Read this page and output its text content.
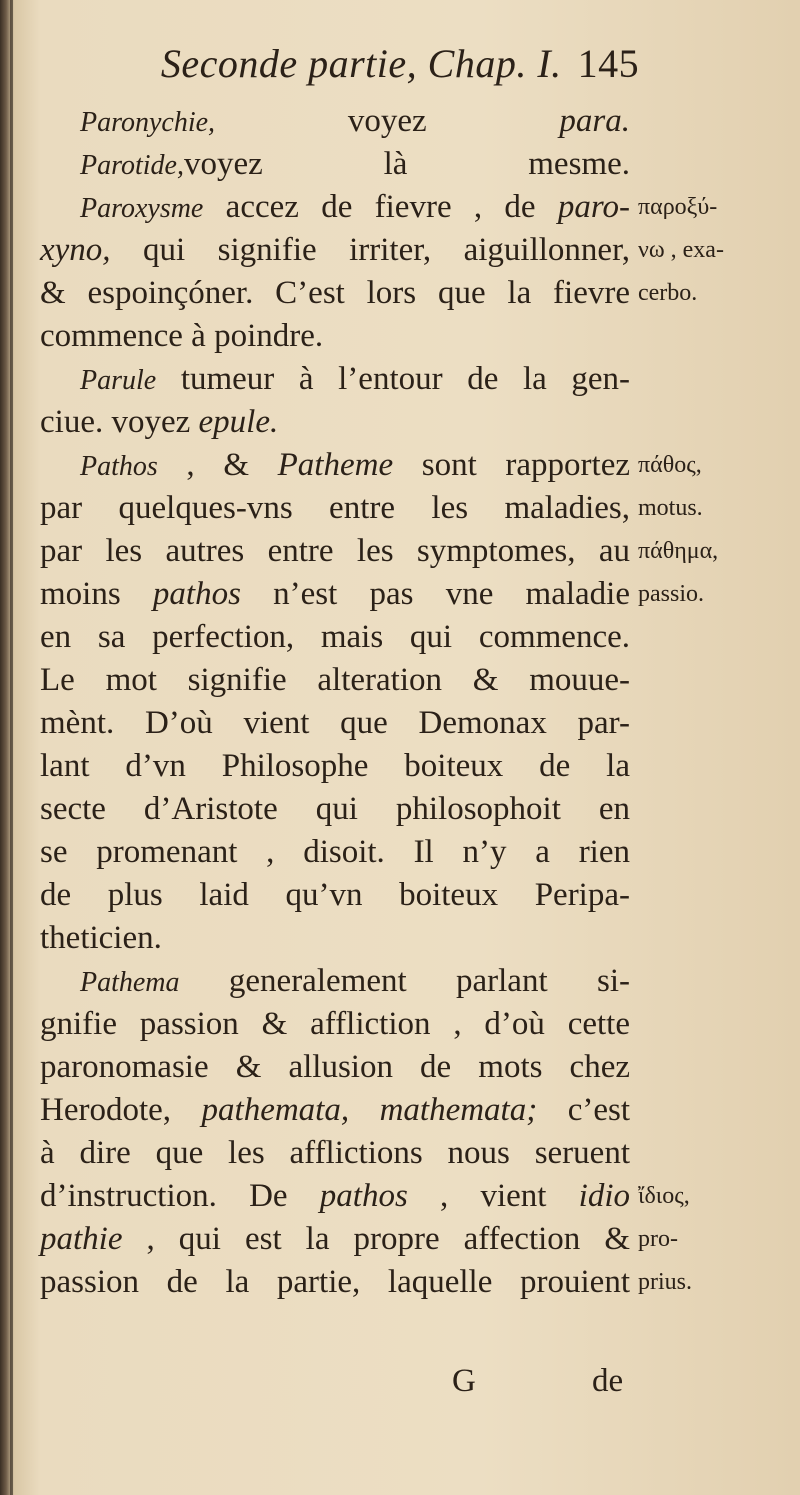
Seconde partie, Chap. I. 145
Paronychie, voyez para.
Parotide,voyez là mesme.
Paroxysme accez de fievre , de paro-
xyno, qui signifie irriter, aiguillonner,
& espoinçóner. C’est lors que la fievre
commence à poindre.
Parule tumeur à l’entour de la gen-
ciue. voyez epule.
Pathos , & Patheme sont rapportez
par quelques-vns entre les maladies,
par les autres entre les symptomes, au
moins pathos n’est pas vne maladie
en sa perfection, mais qui commence.
Le mot signifie alteration & mouue-
mènt. D’où vient que Demonax par-
lant d’vn Philosophe boiteux de la
secte d’Aristote qui philosophoit en
se promenant , disoit. Il n’y a rien
de plus laid qu’vn boiteux Peripa-
theticien.
Pathema generalement parlant si-
gnifie passion & affliction , d’où cette
paronomasie & allusion de mots chez
Herodote, pathemata, mathemata; c’est
à dire que les afflictions nous seruent
d’instruction. De pathos , vient idio
pathie , qui est la propre affection &
passion de la partie, laquelle prouient
παροξύ-
νω , exa-
cerbo.
πάθος,
motus.
πάθημα,
passio.
ἴδιος,
pro-
prius.
G	de
